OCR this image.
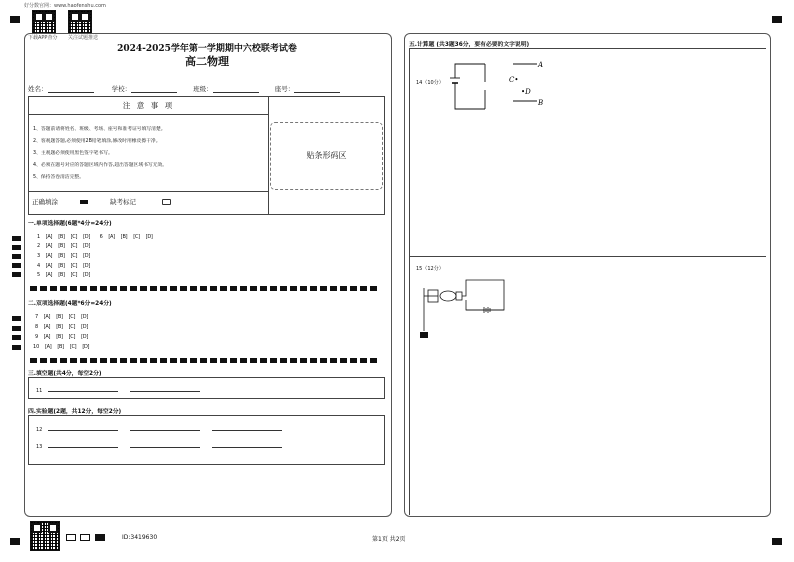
好分数官网：www.haofenshu.com
下载APP查分 关注试题推送
2024-2025学年第一学期期中六校联考试卷
高二物理
姓名：	学校：	班级：	座号：
注 意 事 项
1、答题前请将姓名、班级、考场、座号和准考证号填写清楚。
2、客观题答题,必须使用2B铅笔填涂,修改时用橡皮擦干净。
3、主观题必须使用黑色签字笔书写。
4、必须在题号对应的答题区域内作答,超出答题区域书写无效。
5、保持答卷清洁完整。
贴条形码区
正确填涂	缺考标记
一.单项选择题(6题*4分=24分)
1 [A] [B] [C] [D] 6 [A] [B] [C] [D]
2 [A] [B] [C] [D]
3 [A] [B] [C] [D]
4 [A] [B] [C] [D]
5 [A] [B] [C] [D]
二.双项选择题(4题*6分=24分)
7 [A] [B] [C] [D]
8 [A] [B] [C] [D]
9 [A] [B] [C] [D]
10 [A] [B] [C] [D]
三.填空题(共4分，每空2分)
11
四.实验题(2题，共12分，每空2分)
12
13
五.计算题 (共3题36分，要有必要的文字说明)
14（10分）
15（12分）
A
B
C•
•D
ID:3419630	第1页 共2页
